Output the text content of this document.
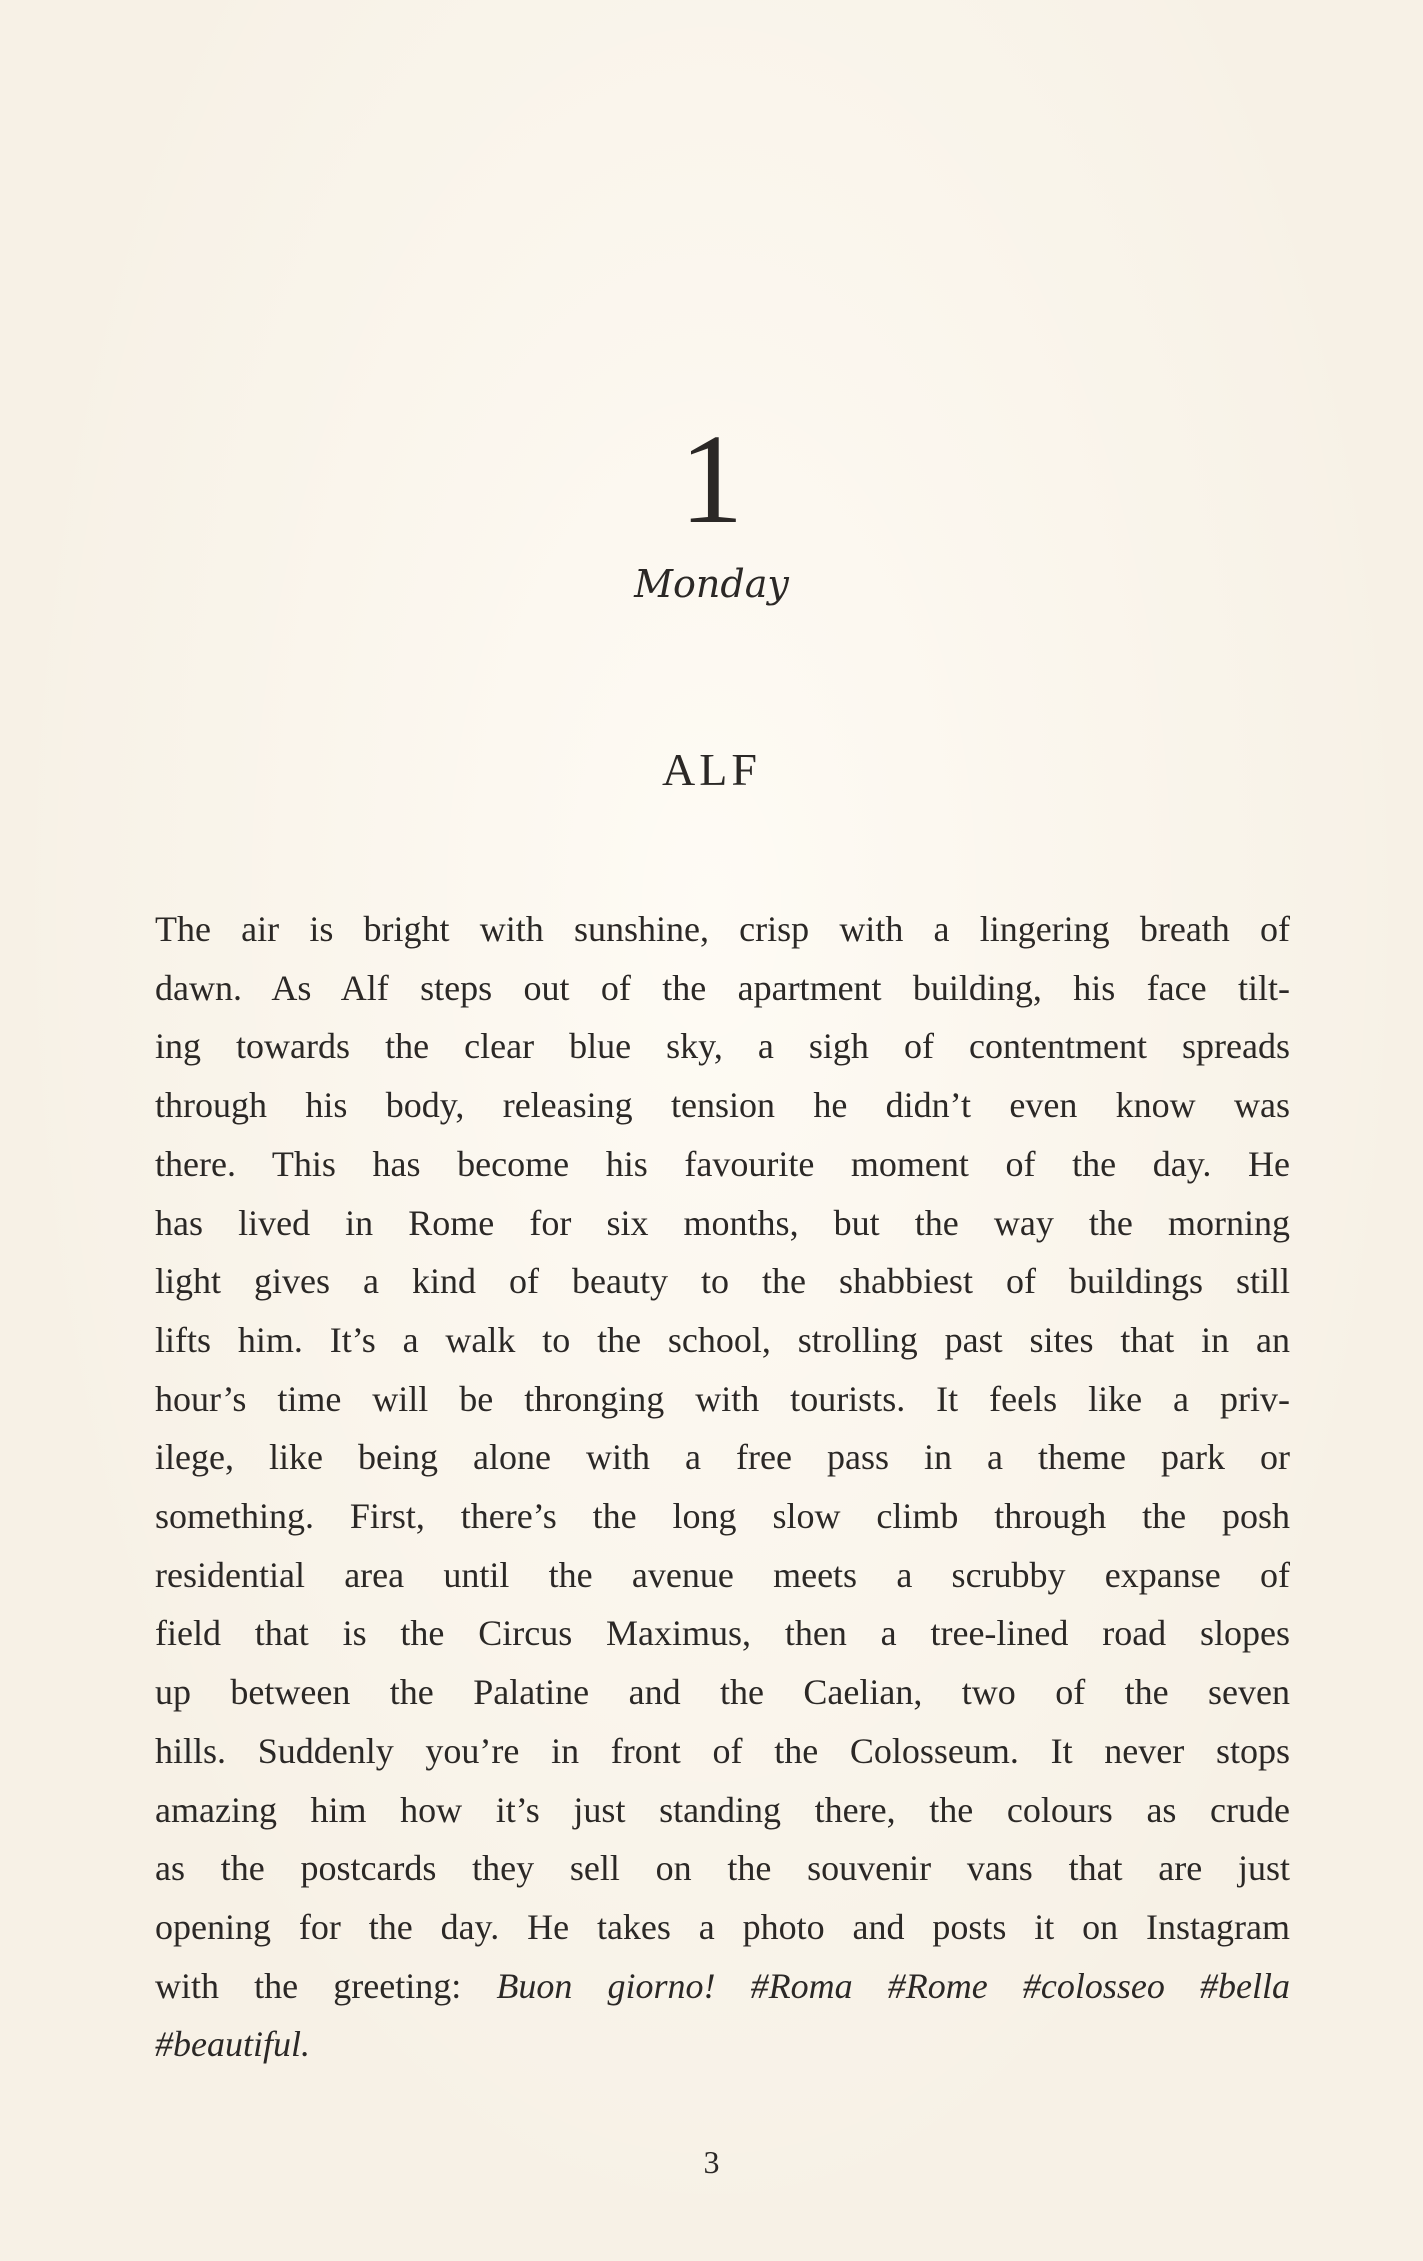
1
Monday
ALF
The air is bright with sunshine, crisp with a lingering breath of
dawn. As Alf steps out of the apartment building, his face tilt-
ing towards the clear blue sky, a sigh of contentment spreads
through his body, releasing tension he didn’t even know was
there. This has become his favourite moment of the day. He
has lived in Rome for six months, but the way the morning
light gives a kind of beauty to the shabbiest of buildings still
lifts him. It’s a walk to the school, strolling past sites that in an
hour’s time will be thronging with tourists. It feels like a priv-
ilege, like being alone with a free pass in a theme park or
something. First, there’s the long slow climb through the posh
residential area until the avenue meets a scrubby expanse of
field that is the Circus Maximus, then a tree-lined road slopes
up between the Palatine and the Caelian, two of the seven
hills. Suddenly you’re in front of the Colosseum. It never stops
amazing him how it’s just standing there, the colours as crude
as the postcards they sell on the souvenir vans that are just
opening for the day. He takes a photo and posts it on Instagram
with the greeting: Buon giorno! #Roma #Rome #colosseo #bella
#beautiful.
3
